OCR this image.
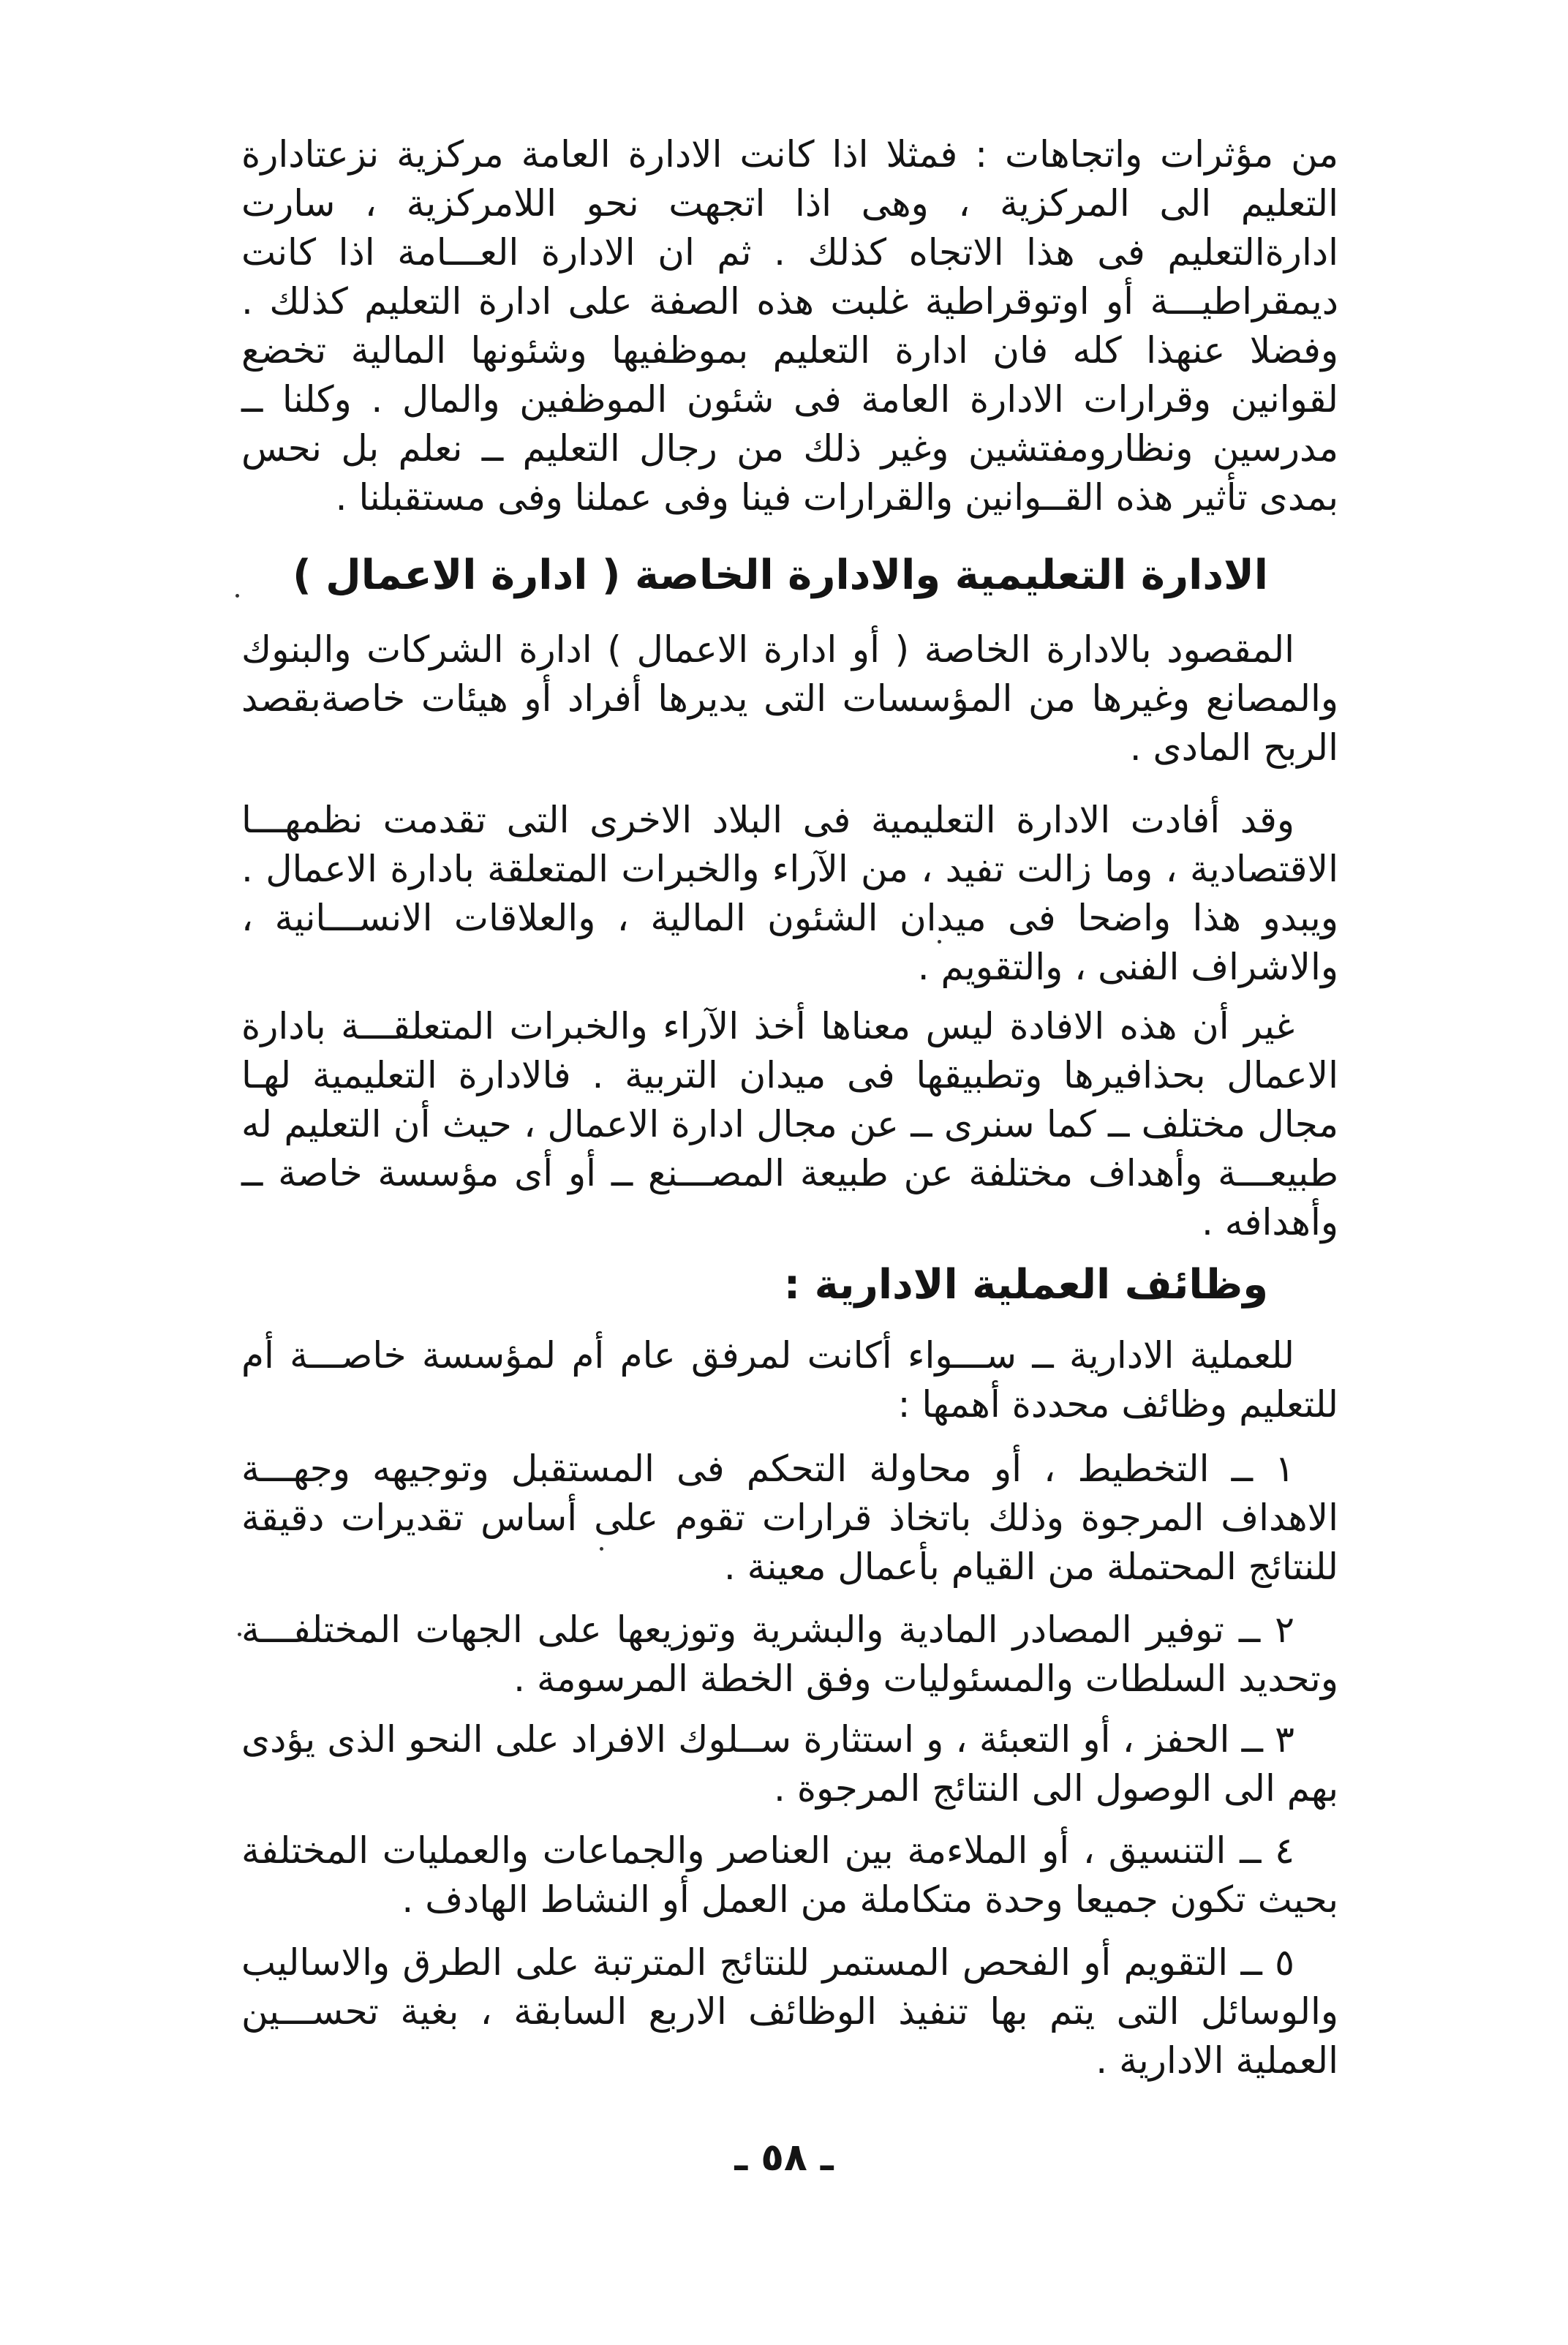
من مؤثرات واتجاهات : فمثلا اذا كانت الادارة العامة مركزية نزعتادارة التعليم الى المركزية ، وهى اذا اتجهت نحو اللامركزية ، سارت ادارةالتعليم فى هذا الاتجاه كذلك . ثم ان الادارة العـــامة اذا كانت ديمقراطيـــة أو اوتوقراطية غلبت هذه الصفة على ادارة التعليم كذلك . وفضلا عنهذا كله فان ادارة التعليم بموظفيها وشئونها المالية تخضع لقوانين وقرارات الادارة العامة فى شئون الموظفين والمال . وكلنا ــ مدرسين ونظارومفتشين وغير ذلك من رجال التعليم ــ نعلم بل نحس بمدى تأثير هذه القــوانين والقرارات فينا وفى عملنا وفى مستقبلنا .

الادارة التعليمية والادارة الخاصة ( ادارة الاعمال )

المقصود بالادارة الخاصة ( أو ادارة الاعمال ) ادارة الشركات والبنوك والمصانع وغيرها من المؤسسات التى يديرها أفراد أو هيئات خاصةبقصد الربح المادى .

وقد أفادت الادارة التعليمية فى البلاد الاخرى التى تقدمت نظمهـــا الاقتصادية ، وما زالت تفيد ، من الآراء والخبرات المتعلقة بادارة الاعمال . ويبدو هذا واضحا فى ميدان الشئون المالية ، والعلاقات الانســـانية ، والاشراف الفنى ، والتقويم .

غير أن هذه الافادة ليس معناها أخذ الآراء والخبرات المتعلقـــة بادارة الاعمال بحذافيرها وتطبيقها فى ميدان التربية . فالادارة التعليمية لهـا مجال مختلف ــ كما سنرى ــ عن مجال ادارة الاعمال ، حيث أن التعليم له طبيعـــة وأهداف مختلفة عن طبيعة المصـــنع ــ أو أى مؤسسة خاصة ــ وأهدافه .

وظائف العملية الادارية :

للعملية الادارية ــ ســـواء أكانت لمرفق عام أم لمؤسسة خاصـــة أم للتعليم وظائف محددة أهمها :

١ ــ التخطيط ، أو محاولة التحكم فى المستقبل وتوجيهه وجهـــة الاهداف المرجوة وذلك باتخاذ قرارات تقوم على أساس تقديرات دقيقة للنتائج المحتملة من القيام بأعمال معينة .

٢ ــ توفير المصادر المادية والبشرية وتوزيعها على الجهات المختلفـــة وتحديد السلطات والمسئوليات وفق الخطة المرسومة .

٣ ــ الحفز ، أو التعبئة ، و استثارة ســلوك الافراد على النحو الذى يؤدى بهم الى الوصول الى النتائج المرجوة .

٤ ــ التنسيق ، أو الملاءمة بين العناصر والجماعات والعمليات المختلفة بحيث تكون جميعا وحدة متكاملة من العمل أو النشاط الهادف .

٥ ــ التقويم أو الفحص المستمر للنتائج المترتبة على الطرق والاساليب والوسائل التى يتم بها تنفيذ الوظائف الاربع السابقة ، بغية تحســـين العملية الادارية .

ـ ٥٨ ـ
